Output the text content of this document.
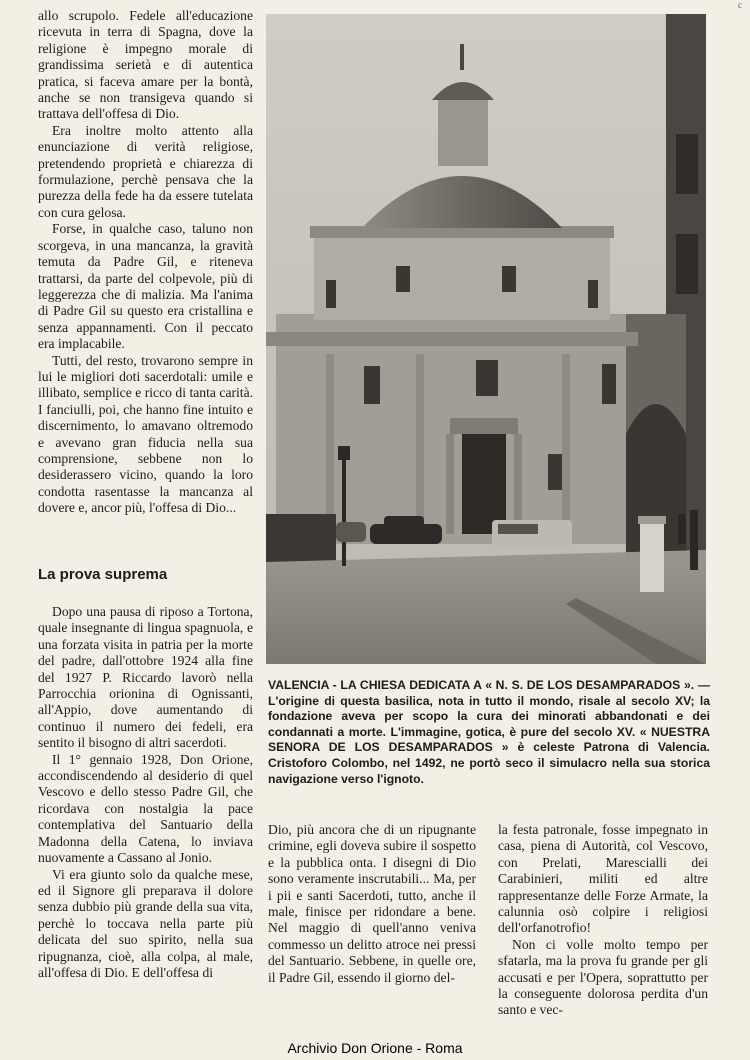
c

allo scrupolo. Fedele all'educazione ricevuta in terra di Spagna, dove la religione è impegno morale di grandissima serietà e di autentica pratica, si faceva amare per la bontà, anche se non transigeva quando si trattava dell'offesa di Dio.

Era inoltre molto attento alla enunciazione di verità religiose, pretendendo proprietà e chiarezza di formulazione, perchè pensava che la purezza della fede ha da essere tutelata con cura gelosa.

Forse, in qualche caso, taluno non scorgeva, in una mancanza, la gravità temuta da Padre Gil, e riteneva trattarsi, da parte del colpevole, più di leggerezza che di malizia. Ma l'anima di Padre Gil su questo era cristallina e senza appannamenti. Con il peccato era implacabile.

Tutti, del resto, trovarono sempre in lui le migliori doti sacerdotali: umile e illibato, semplice e ricco di tanta carità. I fanciulli, poi, che hanno fine intuito e discernimento, lo amavano oltremodo e avevano gran fiducia nella sua comprensione, sebbene non lo desiderassero vicino, quando la loro condotta rasentasse la mancanza al dovere e, ancor più, l'offesa di Dio...

La prova suprema

Dopo una pausa di riposo a Tortona, quale insegnante di lingua spagnuola, e una forzata visita in patria per la morte del padre, dall'ottobre 1924 alla fine del 1927 P. Riccardo lavorò nella Parrocchia orionina di Ognissanti, all'Appio, dove aumentando di continuo il numero dei fedeli, era sentito il bisogno di altri sacerdoti.

Il 1° gennaio 1928, Don Orione, accondiscendendo al desiderio di quel Vescovo e dello stesso Padre Gil, che ricordava con nostalgia la pace contemplativa del Santuario della Madonna della Catena, lo inviava nuovamente a Cassano al Jonio.

Vi era giunto solo da qualche mese, ed il Signore gli preparava il dolore senza dubbio più grande della sua vita, perchè lo toccava nella parte più delicata del suo spirito, nella sua ripugnanza, cioè, alla colpa, al male, all'offesa di Dio. E dell'offesa di

VALENCIA - LA CHIESA DEDICATA A « N. S. DE LOS DESAMPARADOS ». — L'origine di questa basilica, nota in tutto il mondo, risale al secolo XV; la fondazione aveva per scopo la cura dei minorati abbandonati e dei condannati a morte. L'immagine, gotica, è pure del secolo XV. « NUESTRA SENORA DE LOS DESAMPARADOS » è celeste Patrona di Valencia. Cristoforo Colombo, nel 1492, ne portò seco il simulacro nella sua storica navigazione verso l'ignoto.

Dio, più ancora che di un ripugnante crimine, egli doveva subire il sospetto e la pubblica onta. I disegni di Dio sono veramente inscrutabili... Ma, per i pii e santi Sacerdoti, tutto, anche il male, finisce per ridondare a bene. Nel maggio di quell'anno veniva commesso un delitto atroce nei pressi del Santuario. Sebbene, in quelle ore, il Padre Gil, essendo il giorno del-

la festa patronale, fosse impegnato in casa, piena di Autorità, col Vescovo, con Prelati, Marescialli dei Carabinieri, militi ed altre rappresentanze delle Forze Armate, la calunnia osò colpire i religiosi dell'orfanotrofio!

Non ci volle molto tempo per sfatarla, ma la prova fu grande per gli accusati e per l'Opera, soprattutto per la conseguente dolorosa perdita d'un santo e vec-

Archivio Don Orione - Roma
